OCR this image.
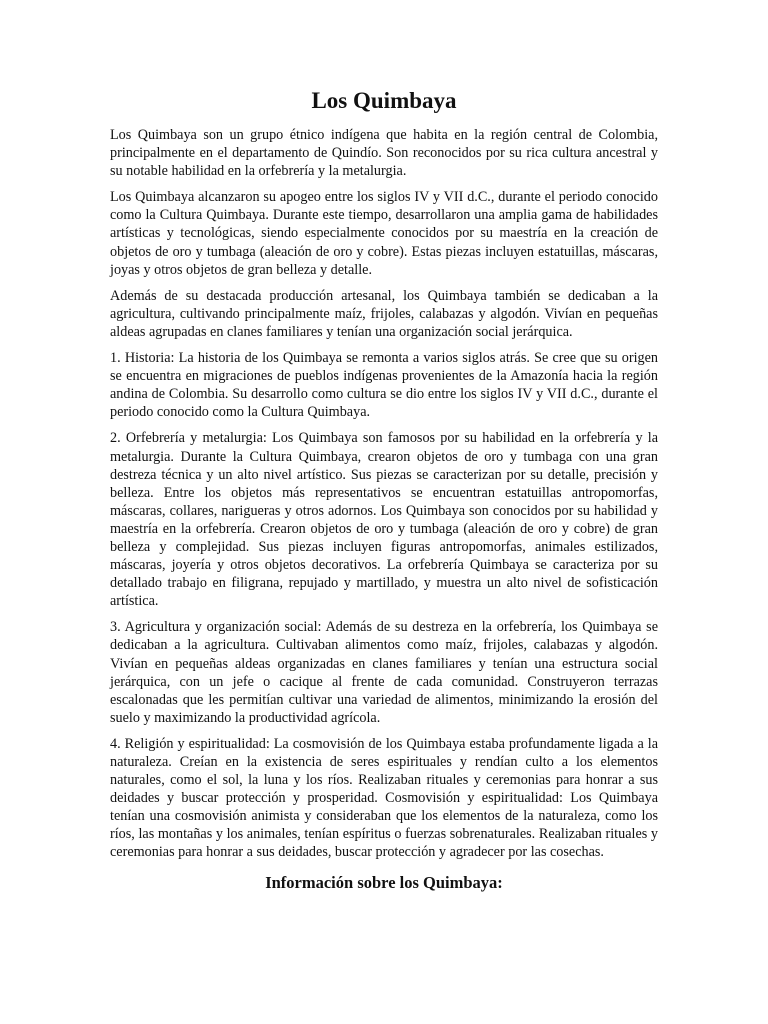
Los Quimbaya

Los Quimbaya son un grupo étnico indígena que habita en la región central de Colombia, principalmente en el departamento de Quindío. Son reconocidos por su rica cultura ancestral y su notable habilidad en la orfebrería y la metalurgia.

Los Quimbaya alcanzaron su apogeo entre los siglos IV y VII d.C., durante el periodo conocido como la Cultura Quimbaya. Durante este tiempo, desarrollaron una amplia gama de habilidades artísticas y tecnológicas, siendo especialmente conocidos por su maestría en la creación de objetos de oro y tumbaga (aleación de oro y cobre). Estas piezas incluyen estatuillas, máscaras, joyas y otros objetos de gran belleza y detalle.

Además de su destacada producción artesanal, los Quimbaya también se dedicaban a la agricultura, cultivando principalmente maíz, frijoles, calabazas y algodón. Vivían en pequeñas aldeas agrupadas en clanes familiares y tenían una organización social jerárquica.

1. Historia: La historia de los Quimbaya se remonta a varios siglos atrás. Se cree que su origen se encuentra en migraciones de pueblos indígenas provenientes de la Amazonía hacia la región andina de Colombia. Su desarrollo como cultura se dio entre los siglos IV y VII d.C., durante el periodo conocido como la Cultura Quimbaya.

2. Orfebrería y metalurgia: Los Quimbaya son famosos por su habilidad en la orfebrería y la metalurgia. Durante la Cultura Quimbaya, crearon objetos de oro y tumbaga con una gran destreza técnica y un alto nivel artístico. Sus piezas se caracterizan por su detalle, precisión y belleza. Entre los objetos más representativos se encuentran estatuillas antropomorfas, máscaras, collares, narigueras y otros adornos. Los Quimbaya son conocidos por su habilidad y maestría en la orfebrería. Crearon objetos de oro y tumbaga (aleación de oro y cobre) de gran belleza y complejidad. Sus piezas incluyen figuras antropomorfas, animales estilizados, máscaras, joyería y otros objetos decorativos. La orfebrería Quimbaya se caracteriza por su detallado trabajo en filigrana, repujado y martillado, y muestra un alto nivel de sofisticación artística.

3. Agricultura y organización social: Además de su destreza en la orfebrería, los Quimbaya se dedicaban a la agricultura. Cultivaban alimentos como maíz, frijoles, calabazas y algodón. Vivían en pequeñas aldeas organizadas en clanes familiares y tenían una estructura social jerárquica, con un jefe o cacique al frente de cada comunidad. Construyeron terrazas escalonadas que les permitían cultivar una variedad de alimentos, minimizando la erosión del suelo y maximizando la productividad agrícola.

4. Religión y espiritualidad: La cosmovisión de los Quimbaya estaba profundamente ligada a la naturaleza. Creían en la existencia de seres espirituales y rendían culto a los elementos naturales, como el sol, la luna y los ríos. Realizaban rituales y ceremonias para honrar a sus deidades y buscar protección y prosperidad. Cosmovisión y espiritualidad: Los Quimbaya tenían una cosmovisión animista y consideraban que los elementos de la naturaleza, como los ríos, las montañas y los animales, tenían espíritus o fuerzas sobrenaturales. Realizaban rituales y ceremonias para honrar a sus deidades, buscar protección y agradecer por las cosechas.

Información sobre los Quimbaya:
